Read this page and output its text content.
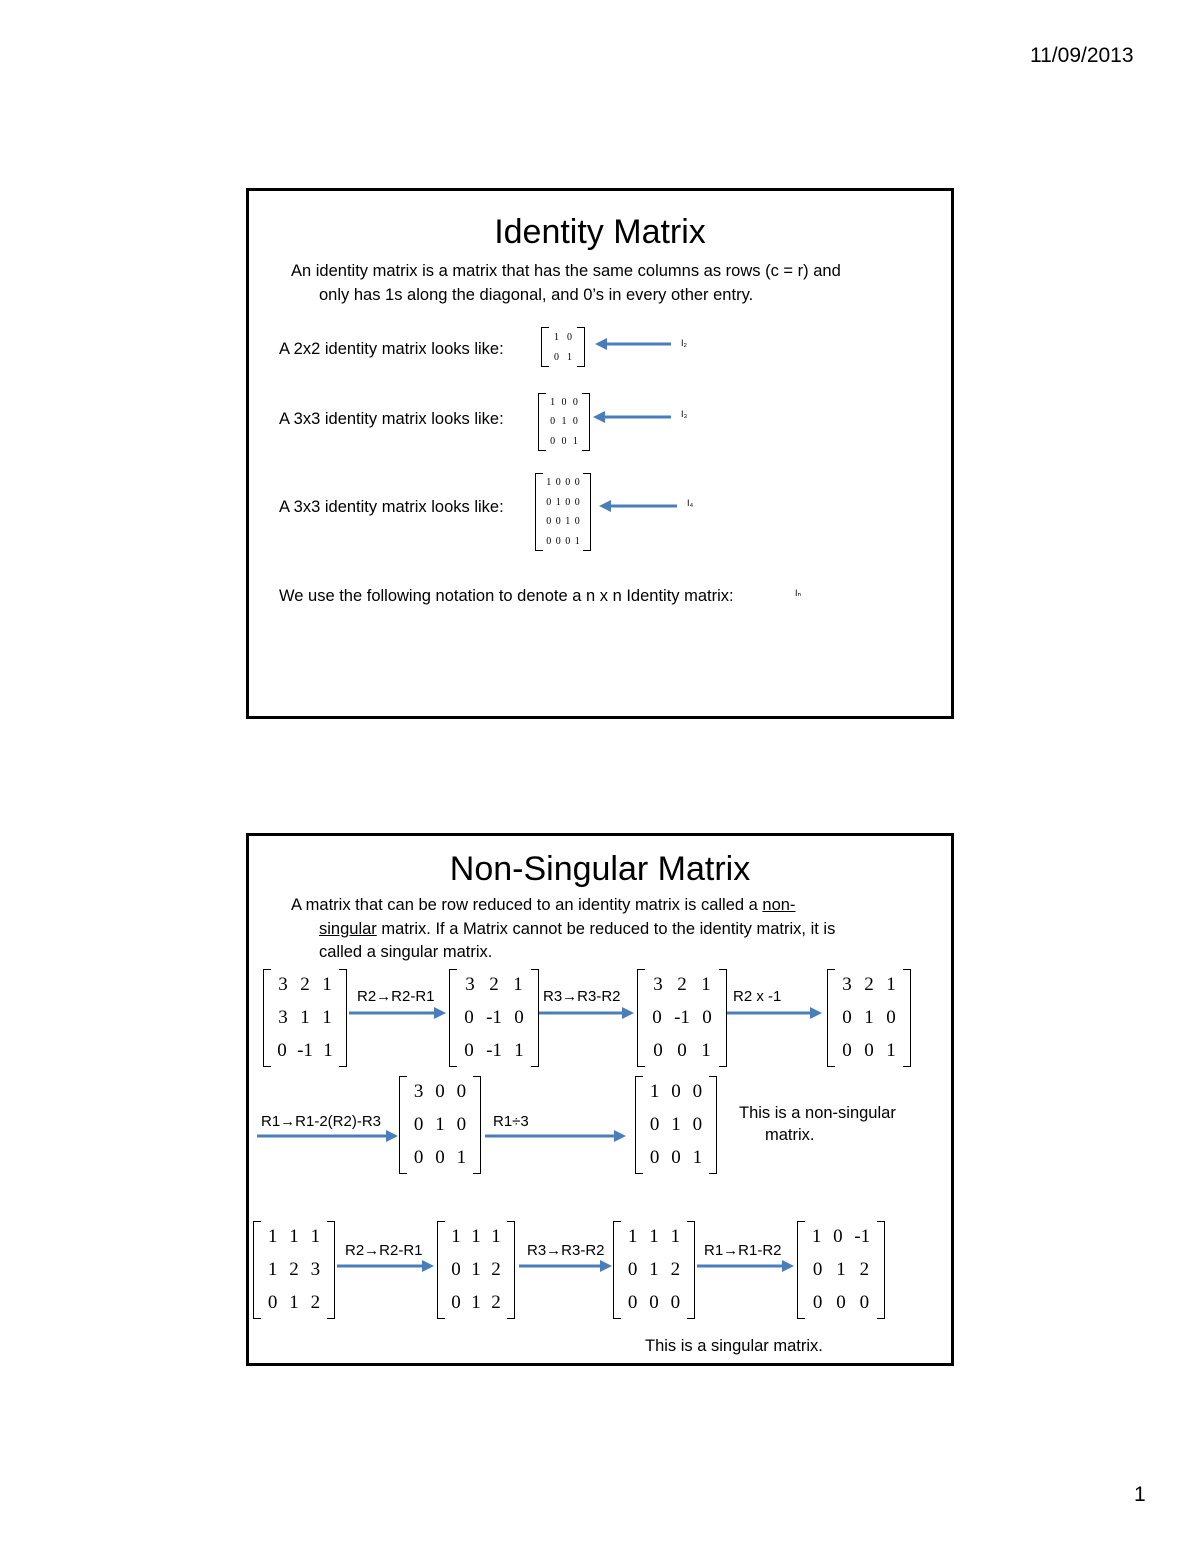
11/09/2013
Identity Matrix
An identity matrix is a matrix that has the same columns as rows (c = r) and
only has 1s along the diagonal, and 0’s in every other entry.
A 2x2 identity matrix looks like:
1 0
0 1
I₂
A 3x3 identity matrix looks like:
1 0 0
0 1 0
0 0 1
I₃
A 3x3 identity matrix looks like:
1 0 0 0
0 1 0 0
0 0 1 0
0 0 0 1
I₄
We use the following notation to denote a n x n Identity matrix:	Iₙ
Non-Singular Matrix
A matrix that can be row reduced to an identity matrix is called a non-
singular matrix. If a Matrix cannot be reduced to the identity matrix, it is
called a singular matrix.
3 2 1
3 1 1
0 -1 1
R2→R2-R1
3 2 1
0 -1 0
0 -1 1
R3→R3-R2
3 2 1
0 -1 0
0 0 1
R2 x -1
3 2 1
0 1 0
0 0 1
R1→R1-2(R2)-R3
3 0 0
0 1 0
0 0 1
R1÷3
1 0 0
0 1 0
0 0 1
This is a non-singular
matrix.
1 1 1
1 2 3
0 1 2
R2→R2-R1
1 1 1
0 1 2
0 1 2
R3→R3-R2
1 1 1
0 1 2
0 0 0
R1→R1-R2
1 0 -1
0 1 2
0 0 0
This is a singular matrix.
1
